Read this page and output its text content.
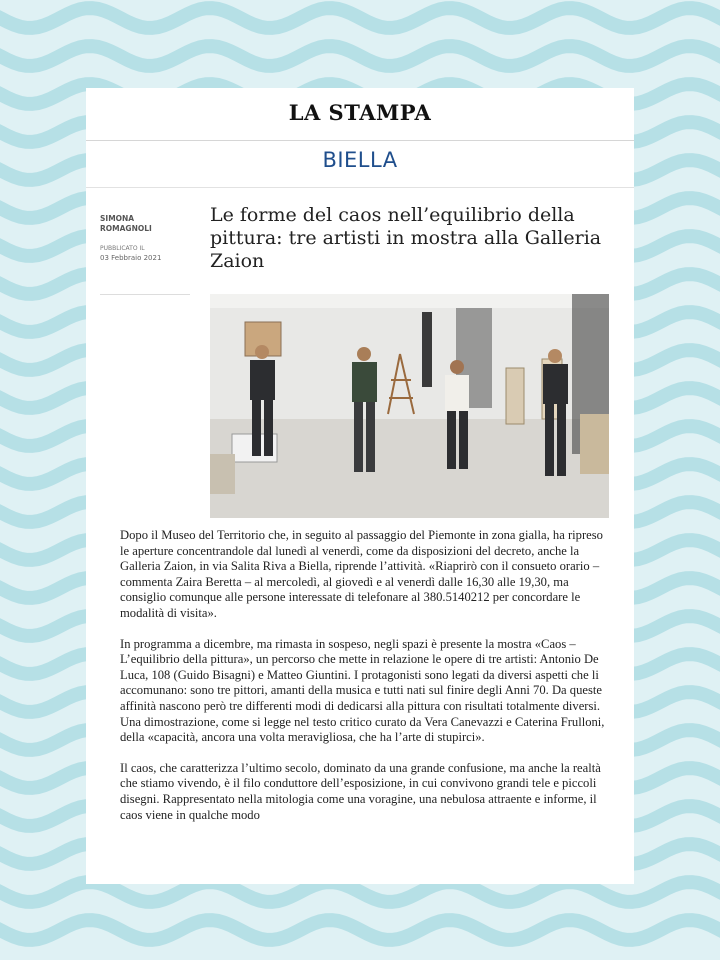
LA STAMPA
BIELLA
SIMONA ROMAGNOLI
PUBBLICATO IL
03 Febbraio 2021
Le forme del caos nell’equilibrio della pittura: tre artisti in mostra alla Galleria Zaion

Dopo il Museo del Territorio che, in seguito al passaggio del Piemonte in zona gialla, ha ripreso le aperture concentrandole dal lunedì al venerdì, come da disposizioni del decreto, anche la Galleria Zaion, in via Salita Riva a Biella, riprende l’attività. «Riaprirò con il consueto orario – commenta Zaira Beretta – al mercoledì, al giovedì e al venerdì dalle 16,30 alle 19,30, ma consiglio comunque alle persone interessate di telefonare al 380.5140212 per concordare le modalità di visita».

In programma a dicembre, ma rimasta in sospeso, negli spazi è presente la mostra «Caos – L’equilibrio della pittura», un percorso che mette in relazione le opere di tre artisti: Antonio De Luca, 108 (Guido Bisagni) e Matteo Giuntini. I protagonisti sono legati da diversi aspetti che li accomunano: sono tre pittori, amanti della musica e tutti nati sul finire degli Anni 70. Da queste affinità nascono però tre differenti modi di dedicarsi alla pittura con risultati totalmente diversi. Una dimostrazione, come si legge nel testo critico curato da Vera Canevazzi e Caterina Frulloni, della «capacità, ancora una volta meravigliosa, che ha l’arte di stupirci».

Il caos, che caratterizza l’ultimo secolo, dominato da una grande confusione, ma anche la realtà che stiamo vivendo, è il filo conduttore dell’esposizione, in cui convivono grandi tele e piccoli disegni. Rappresentato nella mitologia come una voragine, una nebulosa attraente e informe, il caos viene in qualche modo
